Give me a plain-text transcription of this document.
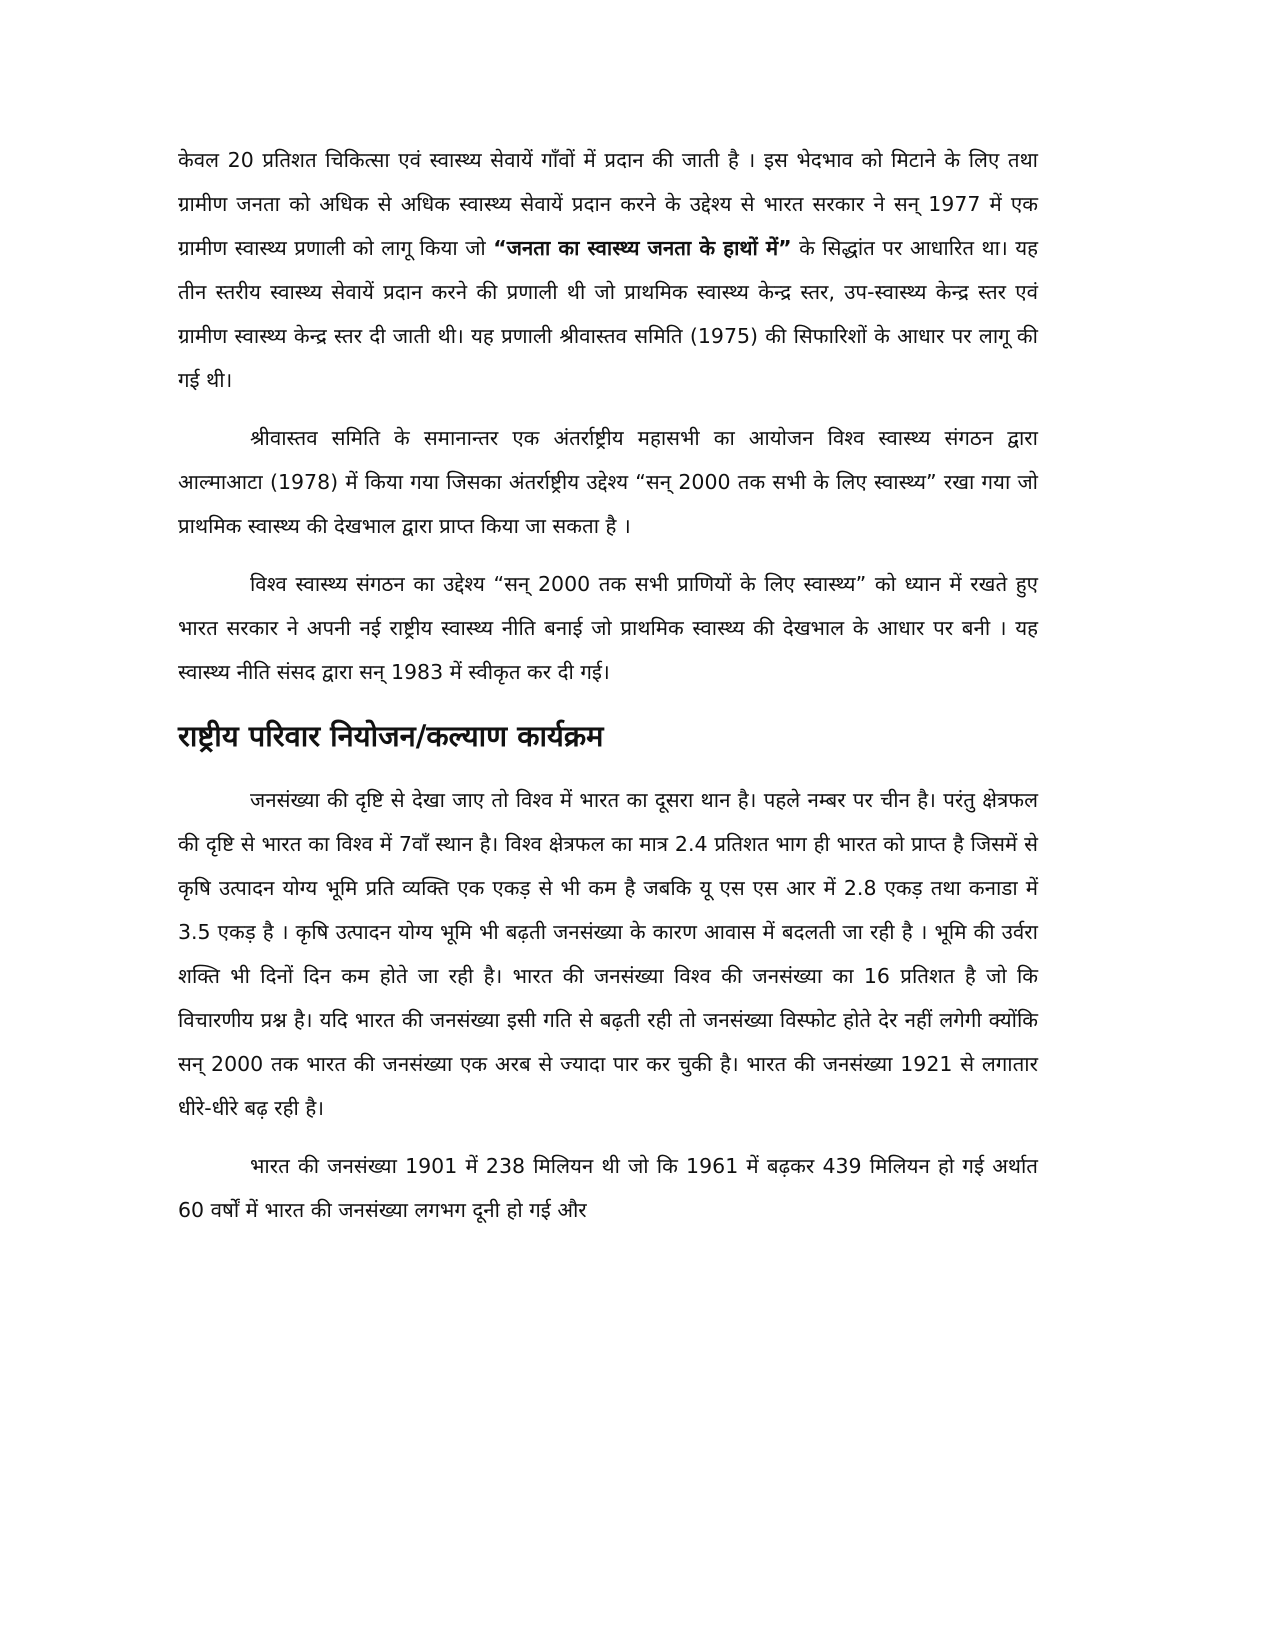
केवल 20 प्रतिशत चिकित्सा एवं स्वास्थ्य सेवायें गाँवों में प्रदान की जाती है । इस भेदभाव को मिटाने के लिए तथा ग्रामीण जनता को अधिक से अधिक स्वास्थ्य सेवायें प्रदान करने के उद्देश्य से भारत सरकार ने सन् 1977 में एक ग्रामीण स्वास्थ्य प्रणाली को लागू किया जो “जनता का स्वास्थ्य जनता के हाथों में” के सिद्धांत पर आधारित था। यह तीन स्तरीय स्वास्थ्य सेवायें प्रदान करने की प्रणाली थी जो प्राथमिक स्वास्थ्य केन्द्र स्तर, उप-स्वास्थ्य केन्द्र स्तर एवं ग्रामीण स्वास्थ्य केन्द्र स्तर दी जाती थी। यह प्रणाली श्रीवास्तव समिति (1975) की सिफारिशों के आधार पर लागू की गई थी।

श्रीवास्तव समिति के समानान्तर एक अंतर्राष्ट्रीय महासभी का आयोजन विश्व स्वास्थ्य संगठन द्वारा आल्माआटा (1978) में किया गया जिसका अंतर्राष्ट्रीय उद्देश्य “सन् 2000 तक सभी के लिए स्वास्थ्य” रखा गया जो प्राथमिक स्वास्थ्य की देखभाल द्वारा प्राप्त किया जा सकता है ।

विश्व स्वास्थ्य संगठन का उद्देश्य “सन् 2000 तक सभी प्राणियों के लिए स्वास्थ्य” को ध्यान में रखते हुए भारत सरकार ने अपनी नई राष्ट्रीय स्वास्थ्य नीति बनाई जो प्राथमिक स्वास्थ्य की देखभाल के आधार पर बनी । यह स्वास्थ्य नीति संसद द्वारा सन् 1983 में स्वीकृत कर दी गई।

राष्ट्रीय परिवार नियोजन/कल्याण कार्यक्रम

जनसंख्या की दृष्टि से देखा जाए तो विश्व में भारत का दूसरा थान है। पहले नम्बर पर चीन है। परंतु क्षेत्रफल की दृष्टि से भारत का विश्व में 7वाँ स्थान है। विश्व क्षेत्रफल का मात्र 2.4 प्रतिशत भाग ही भारत को प्राप्त है जिसमें से कृषि उत्पादन योग्य भूमि प्रति व्यक्ति एक एकड़ से भी कम है जबकि यू एस एस आर में 2.8 एकड़ तथा कनाडा में 3.5 एकड़ है । कृषि उत्पादन योग्य भूमि भी बढ़ती जनसंख्या के कारण आवास में बदलती जा रही है । भूमि की उर्वरा शक्ति भी दिनों दिन कम होते जा रही है। भारत की जनसंख्या विश्व की जनसंख्या का 16 प्रतिशत है जो कि विचारणीय प्रश्न है। यदि भारत की जनसंख्या इसी गति से बढ़ती रही तो जनसंख्या विस्फोट होते देर नहीं लगेगी क्योंकि सन् 2000 तक भारत की जनसंख्या एक अरब से ज्यादा पार कर चुकी है। भारत की जनसंख्या 1921 से लगातार धीरे-धीरे बढ़ रही है।

भारत की जनसंख्या 1901 में 238 मिलियन थी जो कि 1961 में बढ़कर 439 मिलियन हो गई अर्थात 60 वर्षों में भारत की जनसंख्या लगभग दूनी हो गई और
